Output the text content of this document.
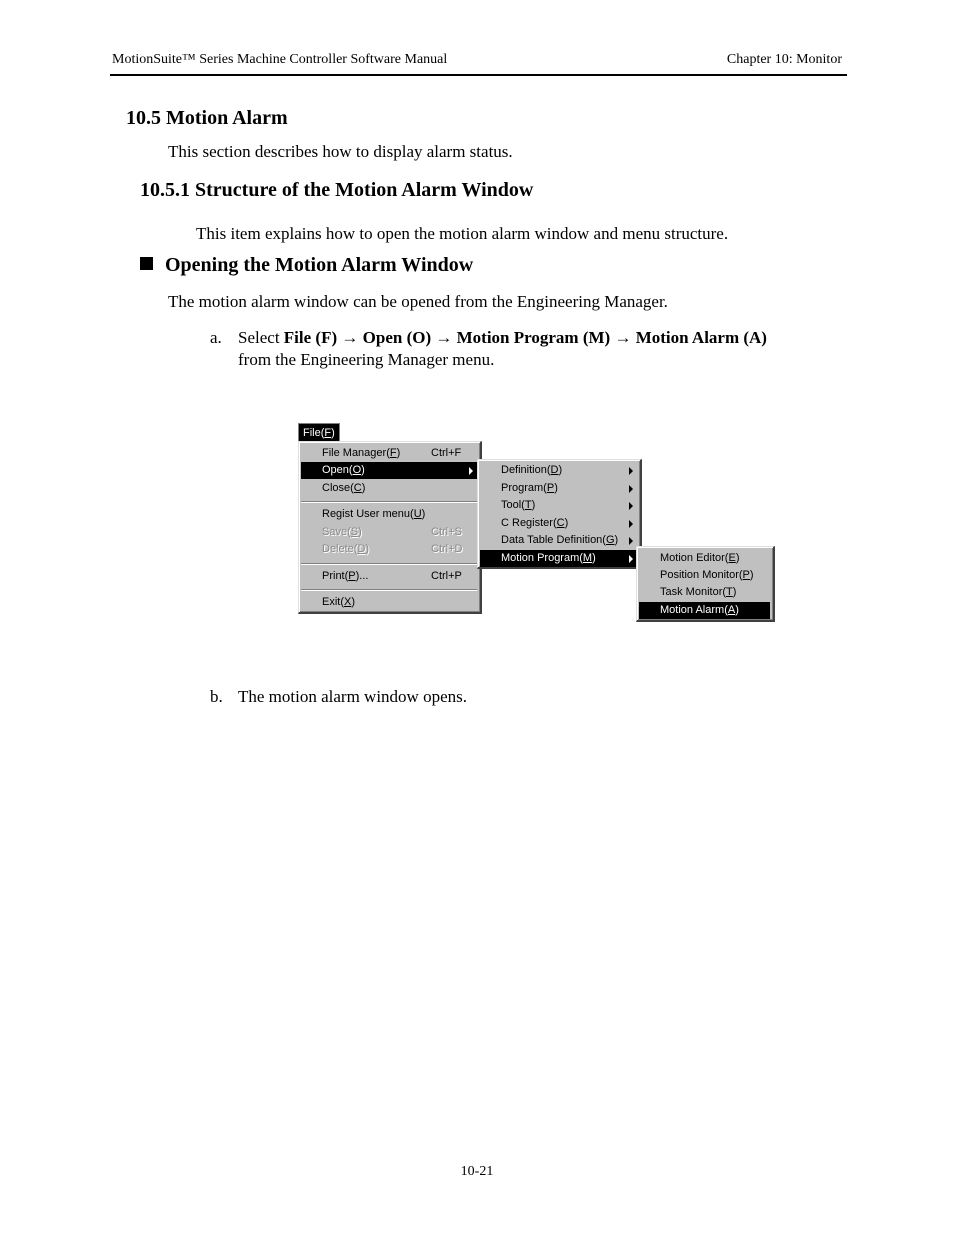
MotionSuite™ Series Machine Controller Software Manual	Chapter 10: Monitor
10.5 Motion Alarm
This section describes how to display alarm status.
10.5.1 Structure of the Motion Alarm Window
This item explains how to open the motion alarm window and menu structure.
Opening the Motion Alarm Window
The motion alarm window can be opened from the Engineering Manager.
a. Select File (F) → Open (O) → Motion Program (M) → Motion Alarm (A)
from the Engineering Manager menu.
File(F)
File Manager(F)	Ctrl+F
Open(O)
Close(C)
Regist User menu(U)
Save(S)	Ctrl+S
Delete(D)	Ctrl+D
Print(P)...	Ctrl+P
Exit(X)
Definition(D)
Program(P)
Tool(T)
C Register(C)
Data Table Definition(G)
Motion Program(M)	Motion Editor(E)
Position Monitor(P)
Task Monitor(T)
Motion Alarm(A)
b. The motion alarm window opens.
10-21
